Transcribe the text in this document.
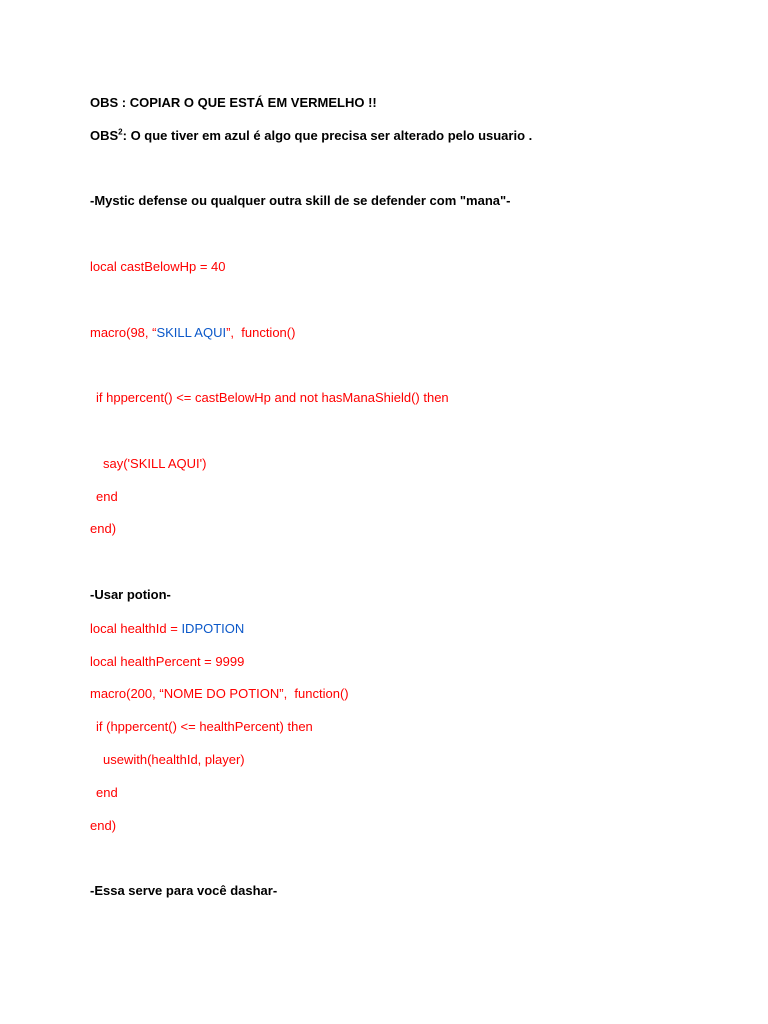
OBS : COPIAR O QUE ESTÁ EM VERMELHO !!
OBS$^2$: O que tiver em azul é algo que precisa ser alterado pelo usuario .
-Mystic defense ou qualquer outra skill de se defender com "mana"-
local castBelowHp = 40
macro(98, “SKILL AQUI”,  function()
if hppercent() <= castBelowHp and not hasManaShield() then
say('SKILL AQUI')
end
end)
-Usar potion-
local healthId = IDPOTION
local healthPercent = 9999
macro(200, “NOME DO POTION”,  function()
if (hppercent() <= healthPercent) then
usewith(healthId, player)
end
end)
-Essa serve para você dashar-
